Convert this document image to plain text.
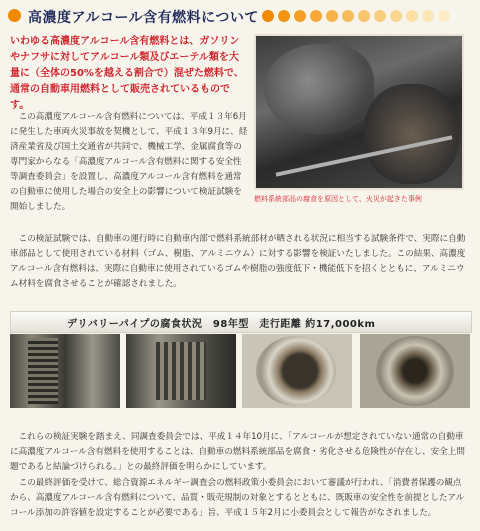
高濃度アルコール含有燃料について
いわゆる高濃度アルコール含有燃料とは、ガソリンやナフサに対してアルコール類及びエーテル類を大量に（全体の50%を越える割合で）混ぜた燃料で、通常の自動車用燃料として販売されているものです。
燃料系統部品の腐食を原因として、火災が起きた事例
　この高濃度アルコール含有燃料については、平成１３年6月に発生した車両火災事故を契機として、平成１３年9月に、経済産業省及び国土交通省が共同で、機械工学、金属腐食等の専門家からなる「高濃度アルコール含有燃料に関する安全性等調査委員会」を設置し、高濃度アルコール含有燃料を通常の自動車に使用した場合の安全上の影響について検証試験を開始しました。
　この検証試験では、自動車の運行時に自動車内部で燃料系統部材が晒される状況に相当する試験条件で、実際に自動車部品として使用されている材料（ゴム、樹脂、アルミニウム）に対する影響を検証いたしました。この結果、高濃度アルコール含有燃料は、実際に自動車に使用されているゴムや樹脂の強度低下・機能低下を招くとともに、アルミニウム材料を腐食させることが確認されました。
デリバリーパイプの腐食状況　98年型　走行距離 約17,000km
　これらの検証実験を踏まえ、同調査委員会では、平成１４年10月に、「アルコールが想定されていない通常の自動車に高濃度アルコール含有燃料を使用することは、自動車の燃料系統部品を腐食・劣化させる危険性が存在し、安全上問題であると結論づけられる。」との最終評価を明らかにしています。
　この最終評価を受けて、総合資源エネルギー調査会の燃料政策小委員会において審議が行われ、「消費者保護の観点から、高濃度アルコール含有燃料について、品質・販売規制の対象とするとともに、既販車の安全性を前提としたアルコール添加の許容値を設定することが必要である」旨、平成１５年2月に小委員会として報告がなされました。
